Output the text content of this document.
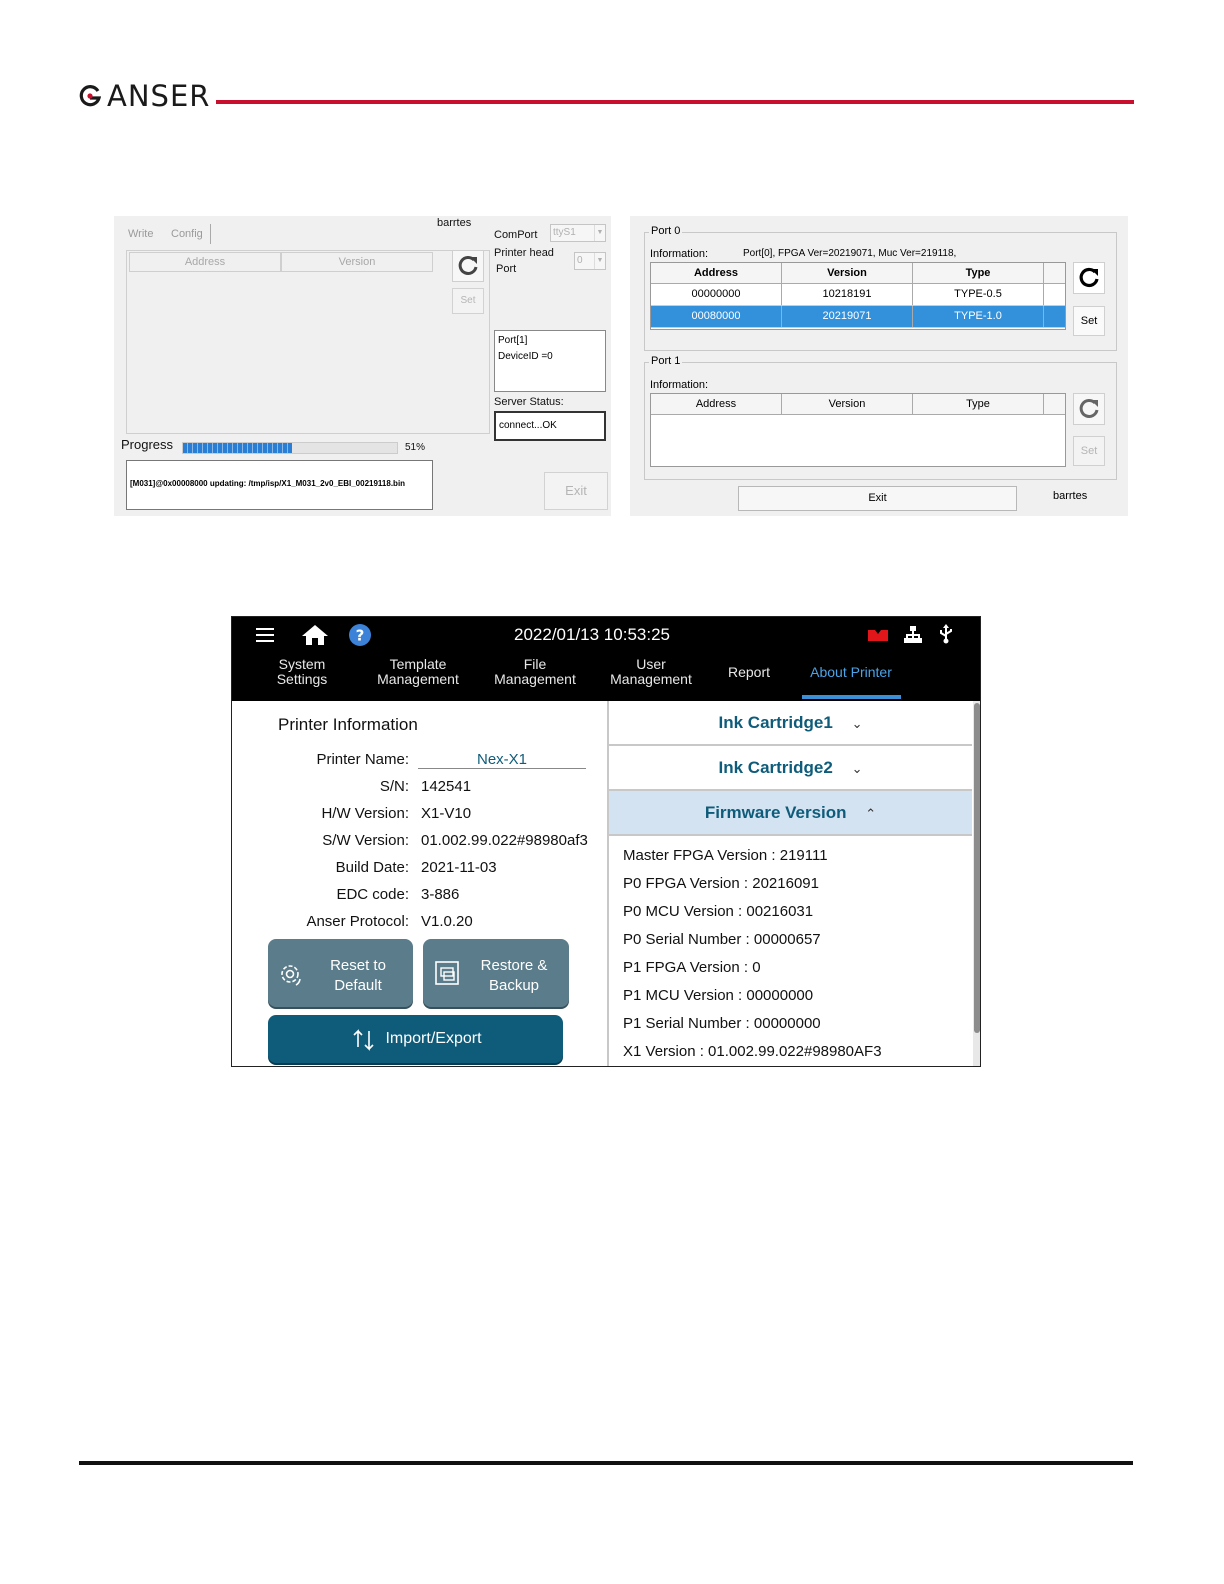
ANSER
Write Config
barrtes
Address	Version
Set
ComPort	ttyS1	▼
Printer head
Port
0	▼
Port[1]
DeviceID =0
Server Status:
connect...OK
Progress	51%
[M031]@0x00008000 updating: /tmp/isp/X1_M031_2v0_EBI_00219118.bin	Exit
Port 0
Information:	Port[0], FPGA Ver=20219071, Muc Ver=219118,
Address	Version	Type
00000000	10218191	TYPE-0.5
00080000	20219071	TYPE-1.0	Set
Port 1
Information:
Address	Version	Type
Set
Exit	barrtes
?	2022/01/13 10:53:25
System
Settings
Template
Management
File
Management
User
Management	Report	About Printer
Printer Information
Printer Name:	Nex-X1
S/N: 142541
H/W Version: X1-V10
S/W Version: 01.002.99.022#98980af3
Build Date: 2021-11-03
EDC code: 3-886
Anser Protocol: V1.0.20
Reset to
Default
Restore &
Backup
Import/Export
Ink Cartridge1 ⌄
Ink Cartridge2 ⌄
Firmware Version ⌃
Master FPGA Version : 219111
P0 FPGA Version : 20216091
P0 MCU Version : 00216031
P0 Serial Number : 00000657
P1 FPGA Version : 0
P1 MCU Version : 00000000
P1 Serial Number : 00000000
X1 Version : 01.002.99.022#98980AF3
